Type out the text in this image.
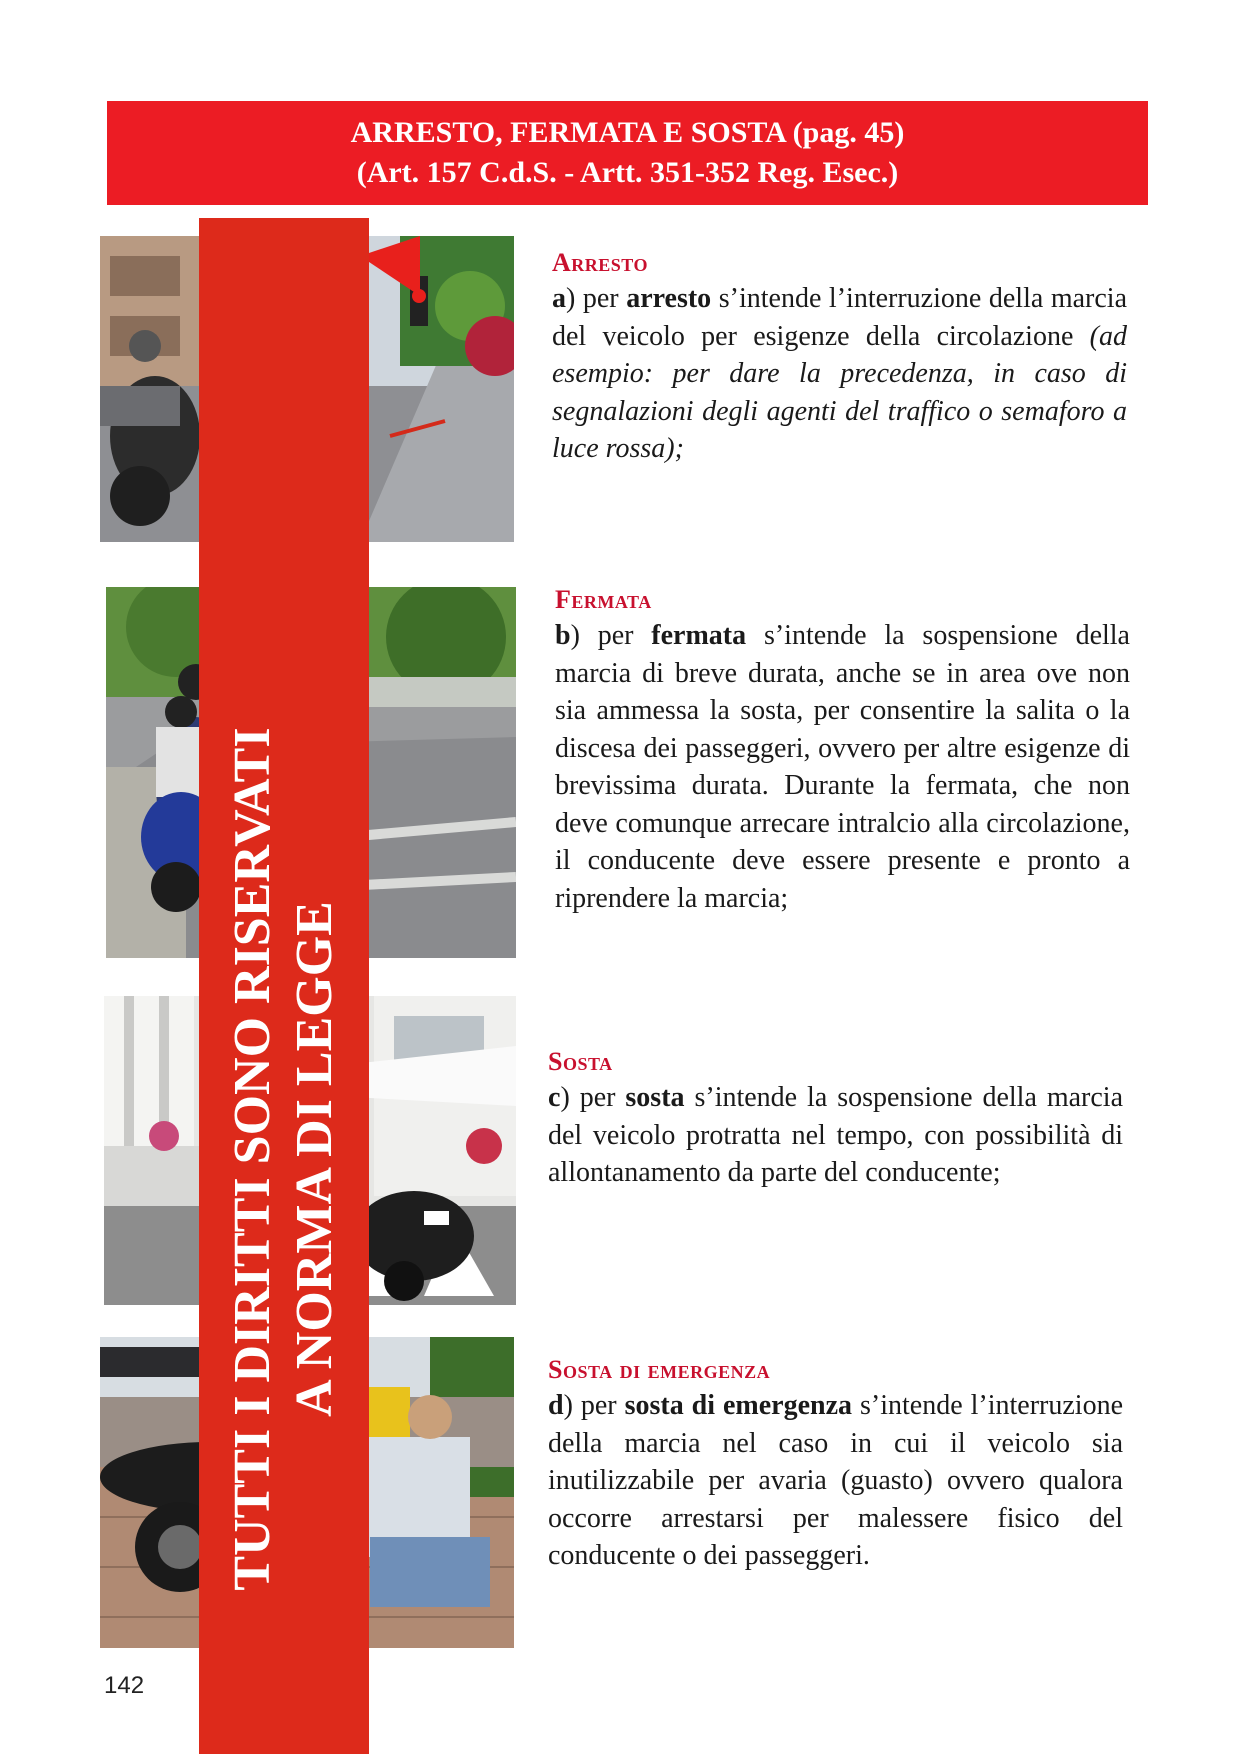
ARRESTO, FERMATA E SOSTA (pag. 45)
(Art. 157 C.d.S. - Artt. 351-352 Reg. Esec.)
TUTTI I DIRITTI SONO RISERVATI A NORMA DI LEGGE
Arresto

a) per arresto s’intende l’interruzione della marcia del veicolo per esigenze della circolazione (ad esempio: per dare la precedenza, in caso di segnalazioni degli agenti del traffico o semaforo a luce rossa);

Fermata

b) per fermata s’intende la sospensione della marcia di breve durata, anche se in area ove non sia ammessa la sosta, per consentire la salita o la discesa dei passeggeri, ovvero per altre esigenze di brevissima durata. Durante la fermata, che non deve comunque arrecare intralcio alla circolazione, il conducente deve essere presente e pronto a riprendere la marcia;

Sosta

c) per sosta s’intende la sospensione della marcia del veicolo protratta nel tempo, con possibilità di allontanamento da parte del conducente;

Sosta di emergenza

d) per sosta di emergenza s’intende l’interruzione della marcia nel caso in cui il veicolo sia inutilizzabile per avaria (guasto) ovvero qualora occorre arrestarsi per malessere fisico del conducente o dei passeggeri.

142
